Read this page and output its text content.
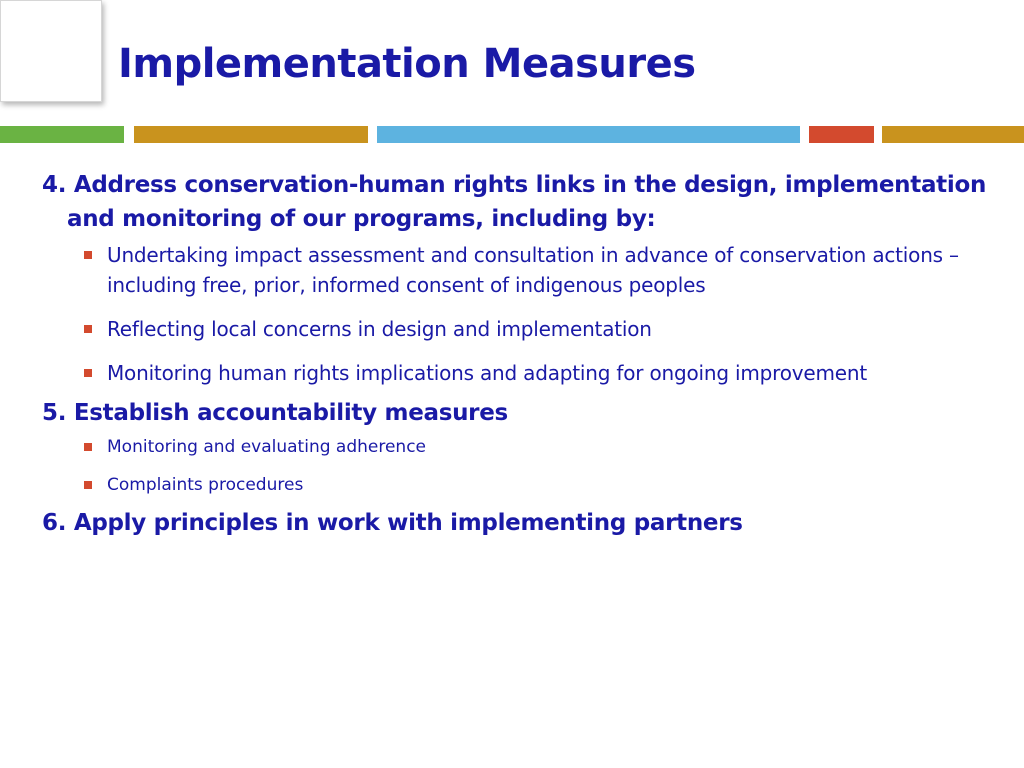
Implementation Measures
4. Address conservation-human rights links in the design, implementation and monitoring of our programs, including by:
Undertaking impact assessment and consultation in advance of conservation actions – including free, prior, informed consent of indigenous peoples
Reflecting local concerns in design and implementation
Monitoring human rights implications and adapting for ongoing improvement
5. Establish accountability measures
Monitoring and evaluating adherence
Complaints procedures
6. Apply principles in work with implementing partners
